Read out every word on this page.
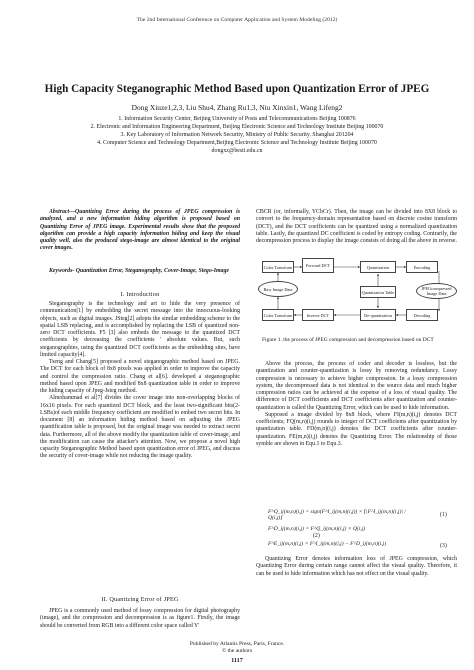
The 2nd International Conference on Computer Application and System Modeling (2012)
High Capacity Steganographic Method Based upon Quantization Error of JPEG
Dong Xiuze1,2,3, Liu Shu4, Zhang Ru1,3, Niu Xinxin1, Wang Lifeng2
1. Information Security Center, Beijing University of Posts and Telecommunications Beijing 100876
2. Electronic and Information Engineering Department, Beijing Electronic Science and Technology Institute Beijing 100070
3. Key Laboratory of Information Network Security, Ministry of Public Security. Shanghai 201204
4. Computer Science and Technology Department,Beijing Electronic Science and Technology Institute Beijing 100070
dongxz@besti.edu.cn

Abstract—Quantizing Error during the process of JPEG compression is analyzed, and a new information hiding algorithm is proposed based on Quantizing Error of JPEG image. Experimental results show that the proposed algorithm can provide a high capacity information hiding and keep the visual quality well, also the produced stego-image are almost identical to the original cover images.

Keywords- Quantization Error, Steganography, Cover-Image, Stego-Image

I. Introduction

Steganography is the technology and art to hide the very presence of communication[1] by embedding the secret message into the innocuous-looking objects, such as digital images. JSteg[2] adopts the similar embedding scheme to the spatial LSB replacing, and is accomplished by replacing the LSB of quantized non-zero DCT coefficients. F5 [3] also embeds the message to the quantized DCT coefficients by decreasing the coefficients ' absolute values. But, such steganographies, using the quantized DCT coefficients as the embedding sites, have limited capacity[4].

Tseng and Chang[5] proposed a novel steganographic method based on JPEG. The DCT for each block of 8x8 pixels was applied in order to improve the capacity and control the compression ratio. Chang et al[6]. developed a steganographic method based upon JPEG and modified 8x8 quantization table in order to improve the hiding capacity of Jpeg-Jsteg method.

Almohammad et al[7] divides the cover image into non-overlapping blocks of 16x16 pixels. For each quantized DCT block, and the least two-significant bits(2-LSBs)of each middle frequency coefficient are modified to embed two secret bits. In document [8] an information hiding method based on adjusting the JPEG quantification table is proposed, but the original image was needed to extract secret data. Furthermore, all of the above modify the quantization table of cover-image, and the modification can cause the attacker's attention. Now, we propose a novel high capacity Steganographic Method based upon quantization error of JPEG, and discuss the security of cover-image while not reducing the image quality.

II. Quantizing Error of JPEG

JPEG is a commonly used method of lossy compression for digital photography (image), and the compression and decompression is as figure1. Firstly, the image should be converted from RGB into a different color space called Y'

CBCR (or, informally, YCbCr). Then, the image can be divided into 8X8 block to convert to the frequency-domain representation based on discrete cosine transform (DCT), and the DCT coefficients can be quantized using a normalized quantization table. Lastly, the quantized DC coefficient is coded by entropy coding. Contrarily, the decompression process to display the image consists of doing all the above in reverse.

Color Transform	Forward DCT	Quantization	Encoding
Raw Image Data
Quantization Table
JPEGcompressed Image Data
Color Transform	Inverse DCT	De-quantization	Decoding
Figure 1. the process of JPEG compression and decompression based on DCT

Above the process, the process of coder and decoder is lossless, but the quantization and counter-quantization is lossy by removing redundancy. Lossy compression is necessary to achieve higher compression. In a lossy compression system, the decompressed data is not identical to the source data and much higher compression ratios can be achieved at the expense of a loss of visual quality. The difference of DCT coefficients and DCT coefficients after quantization and counter-quantization is called the Quantizing Error, which can be used to hide information.

Supposed a image divided by 8x8 block, where FI(m,n)(i,j) denotes DCT coefficients; FQ(m,n)(i,j) rounds to integer of DCT coefficients after quantization by quantization table. FD(m,n)(i,j) denotes the DCT coefficients after counter-quantization. FE(m,n)(i,j) denotes the Quantizing Error. The relationship of those symble are shown in Equ.1 to Equ.3.

F^Q_ij(m,n)(i,j) = sign(F^I_ij(m,n)(i,j)) × ⌊|F^I_ij(m,n)(i,j)| / Q(i,j)⌋	(1)
F^D_ij(m,n)(i,j) = F^Q_ij(m,n)(i,j) × Q(i,j)
(2)
F^E_ij(m,n)(i,j) = F^I_ij(m,n)(i,j) − F^D_ij(m,n)(i,j)	(3)

Quantizing Error denotes information loss of JPEG compression, which Quantizing Error during certain range cannot affect the visual quality. Therefore, it can be used to hide information which has not effect on the visual quality.

Published by Atlantis Press, Paris, France.
© the authors
1117
